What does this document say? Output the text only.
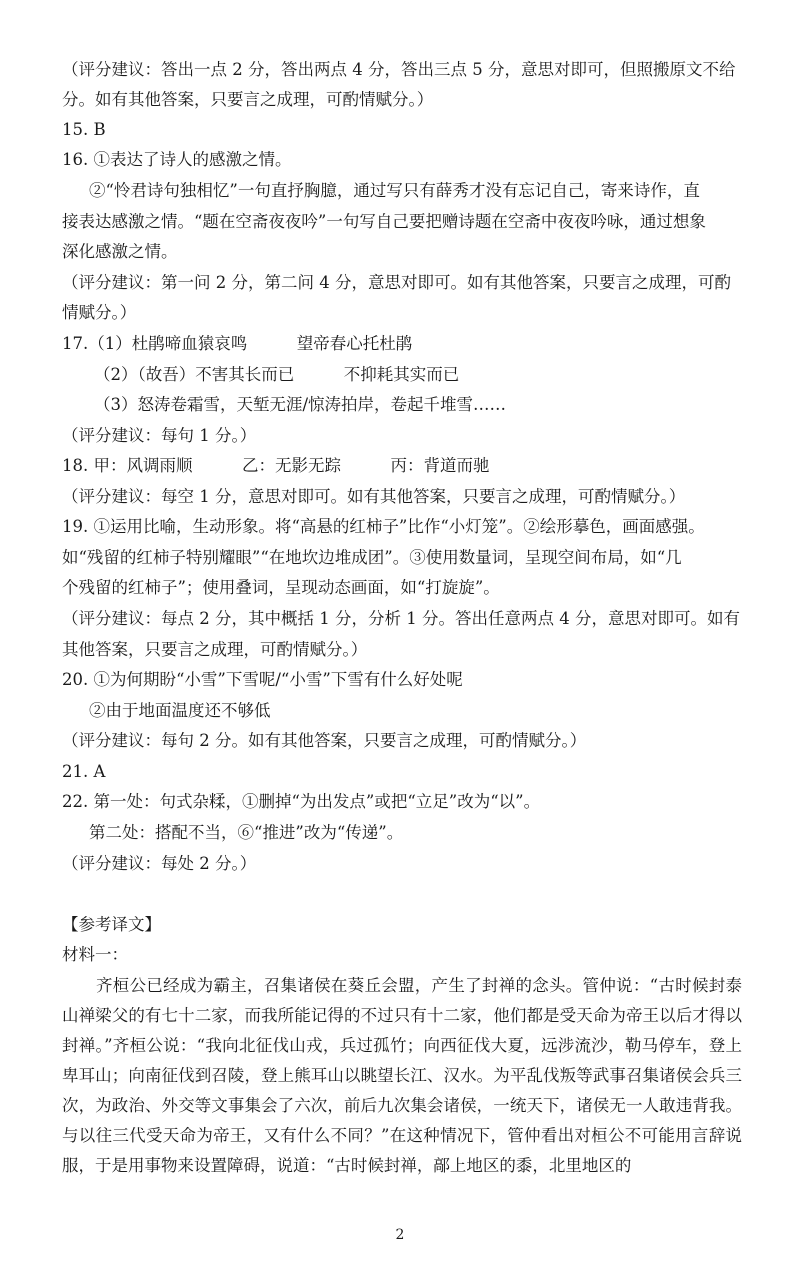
（评分建议：答出一点 2 分，答出两点 4 分，答出三点 5 分，意思对即可，但照搬原文不给
分。如有其他答案，只要言之成理，可酌情赋分。）
15. B
16. ①表达了诗人的感激之情。
②“怜君诗句独相忆”一句直抒胸臆，通过写只有薛秀才没有忘记自己，寄来诗作，直
接表达感激之情。“题在空斋夜夜吟”一句写自己要把赠诗题在空斋中夜夜吟咏，通过想象
深化感激之情。
（评分建议：第一问 2 分，第二问 4 分，意思对即可。如有其他答案，只要言之成理，可酌
情赋分。）
17.（1）杜鹃啼血猿哀鸣　　　望帝春心托杜鹃
（2）（故吾）不害其长而已　　　不抑耗其实而已
（3）怒涛卷霜雪，天堑无涯/惊涛拍岸，卷起千堆雪……
（评分建议：每句 1 分。）
18. 甲：风调雨顺　　　乙：无影无踪　　　丙：背道而驰
（评分建议：每空 1 分，意思对即可。如有其他答案，只要言之成理，可酌情赋分。）
19. ①运用比喻，生动形象。将“高悬的红柿子”比作“小灯笼”。②绘形摹色，画面感强。
如“残留的红柿子特别耀眼”“在地坎边堆成团”。③使用数量词，呈现空间布局，如“几
个残留的红柿子”；使用叠词，呈现动态画面，如“打旋旋”。
（评分建议：每点 2 分，其中概括 1 分，分析 1 分。答出任意两点 4 分，意思对即可。如有
其他答案，只要言之成理，可酌情赋分。）
20. ①为何期盼“小雪”下雪呢/“小雪”下雪有什么好处呢
②由于地面温度还不够低
（评分建议：每句 2 分。如有其他答案，只要言之成理，可酌情赋分。）
21. A
22. 第一处：句式杂糅，①删掉“为出发点”或把“立足”改为“以”。
第二处：搭配不当，⑥“推进”改为“传递”。
（评分建议：每处 2 分。）
【参考译文】
材料一：
齐桓公已经成为霸主，召集诸侯在葵丘会盟，产生了封禅的念头。管仲说：“古时候封泰山禅梁父的有七十二家，而我所能记得的不过只有十二家，他们都是受天命为帝王以后才得以封禅。”齐桓公说：“我向北征伐山戎，兵过孤竹；向西征伐大夏，远涉流沙，勒马停车，登上卑耳山；向南征伐到召陵，登上熊耳山以眺望长江、汉水。为平乱伐叛等武事召集诸侯会兵三次，为政治、外交等文事集会了六次，前后九次集会诸侯，一统天下，诸侯无一人敢违背我。与以往三代受天命为帝王，又有什么不同？”在这种情况下，管仲看出对桓公不可能用言辞说服，于是用事物来设置障碍，说道：“古时候封禅，鄗上地区的黍，北里地区的
2
